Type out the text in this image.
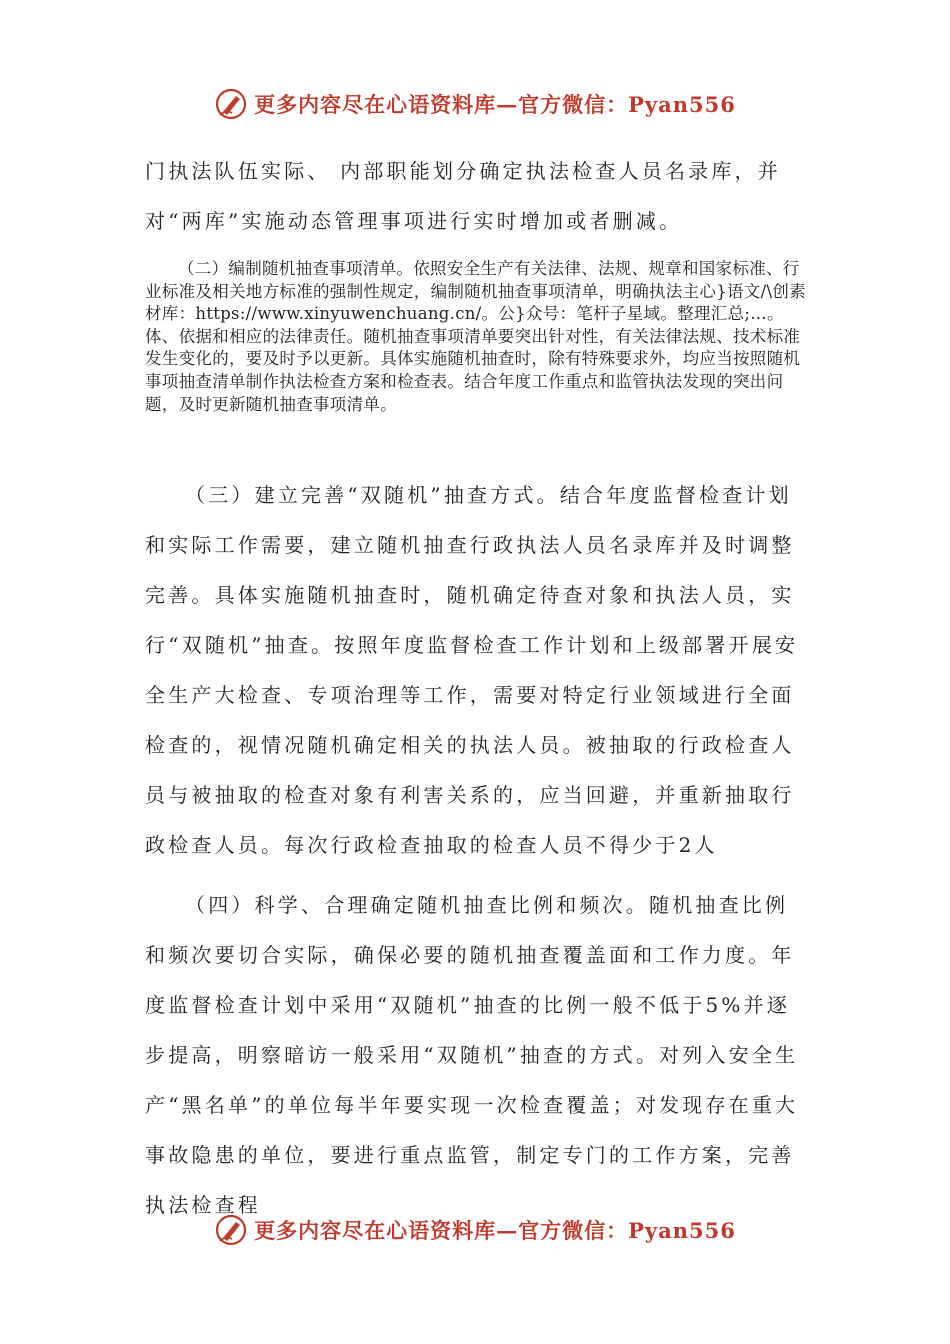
更多内容尽在心语资料库—官方微信：Pyan556

门执法队伍实际、 内部职能划分确定执法检查人员名录库，并对“两库”实施动态管理事项进行实时增加或者删减。

（二）编制随机抽查事项清单。依照安全生产有关法律、法规、规章和国家标准、行业标准及相关地方标准的强制性规定，编制随机抽查事项清单，明确执法主心}语文/\创素材库：https://www.xinyuwenchuang.cn/。公}众号：笔杆子星域。整理汇总;…。体、依据和相应的法律责任。随机抽查事项清单要突出针对性，有关法律法规、技术标准发生变化的，要及时予以更新。具体实施随机抽查时，除有特殊要求外，均应当按照随机事项抽查清单制作执法检查方案和检查表。结合年度工作重点和监管执法发现的突出问题，及时更新随机抽查事项清单。

（三）建立完善“双随机”抽查方式。结合年度监督检查计划和实际工作需要，建立随机抽查行政执法人员名录库并及时调整完善。具体实施随机抽查时，随机确定待查对象和执法人员，实行“双随机”抽查。按照年度监督检查工作计划和上级部署开展安全生产大检查、专项治理等工作，需要对特定行业领域进行全面检查的，视情况随机确定相关的执法人员。被抽取的行政检查人员与被抽取的检查对象有利害关系的，应当回避，并重新抽取行政检查人员。每次行政检查抽取的检查人员不得少于2人

（四）科学、合理确定随机抽查比例和频次。随机抽查比例和频次要切合实际，确保必要的随机抽查覆盖面和工作力度。年度监督检查计划中采用“双随机”抽查的比例一般不低于5%并逐步提高，明察暗访一般采用“双随机”抽查的方式。对列入安全生产“黑名单”的单位每半年要实现一次检查覆盖；对发现存在重大事故隐患的单位，要进行重点监管，制定专门的工作方案，完善执法检查程

更多内容尽在心语资料库—官方微信：Pyan556
